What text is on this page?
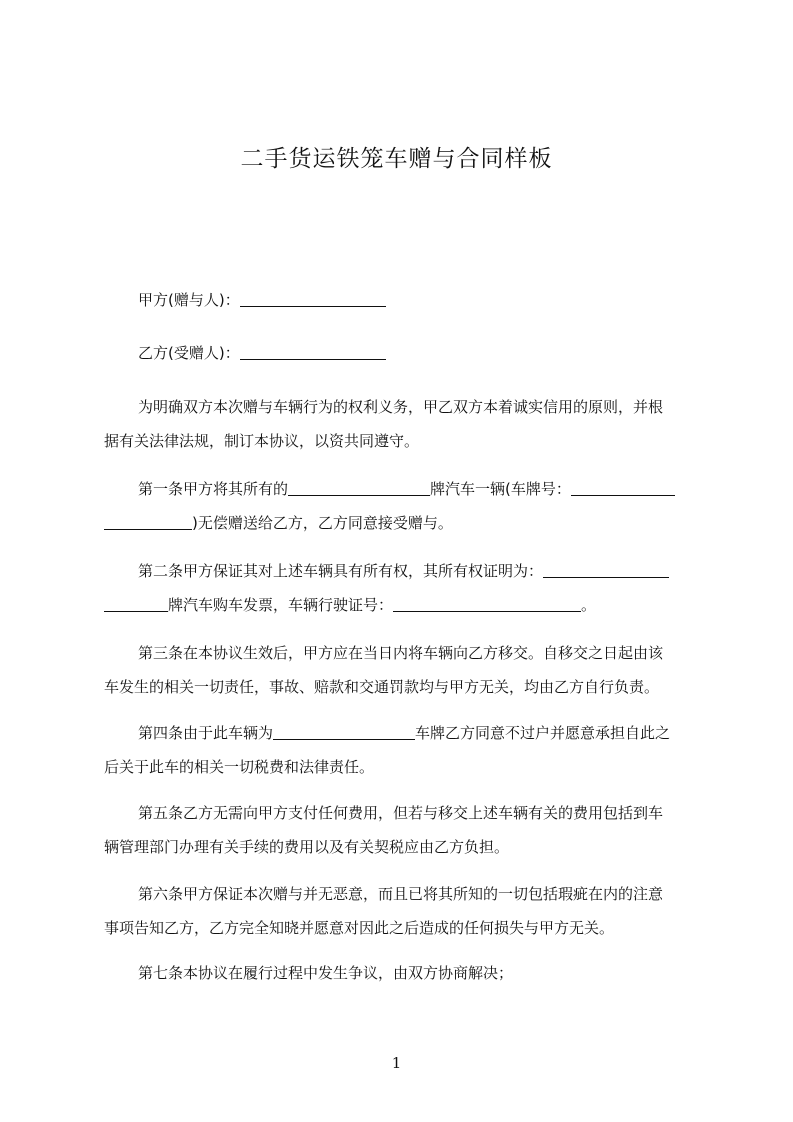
二手货运铁笼车赠与合同样板
甲方(赠与人)：
乙方(受赠人)：
为明确双方本次赠与车辆行为的权利义务，甲乙双方本着诚实信用的原则，并根
据有关法律法规，制订本协议，以资共同遵守。
第一条甲方将其所有的	牌汽车一辆(车牌号：
)无偿赠送给乙方，乙方同意接受赠与。
第二条甲方保证其对上述车辆具有所有权，其所有权证明为：
牌汽车购车发票，车辆行驶证号：	。
第三条在本协议生效后，甲方应在当日内将车辆向乙方移交。自移交之日起由该
车发生的相关一切责任，事故、赔款和交通罚款均与甲方无关，均由乙方自行负责。
第四条由于此车辆为	车牌乙方同意不过户并愿意承担自此之
后关于此车的相关一切税费和法律责任。
第五条乙方无需向甲方支付任何费用，但若与移交上述车辆有关的费用包括到车
辆管理部门办理有关手续的费用以及有关契税应由乙方负担。
第六条甲方保证本次赠与并无恶意，而且已将其所知的一切包括瑕疵在内的注意
事项告知乙方，乙方完全知晓并愿意对因此之后造成的任何损失与甲方无关。
第七条本协议在履行过程中发生争议，由双方协商解决；
1
